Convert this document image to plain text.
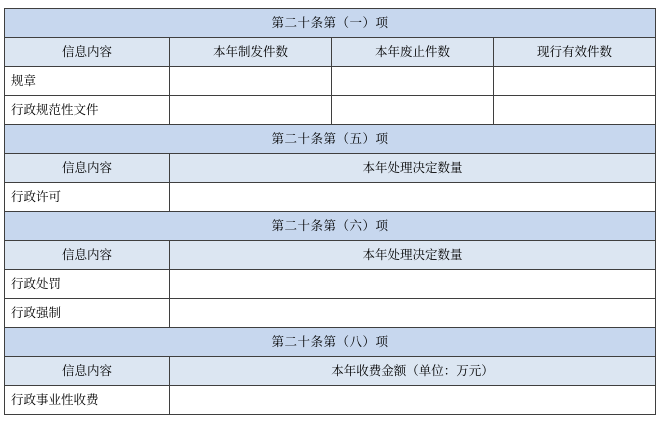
第二十条第（一）项			
信息内容	本年制发件数	本年废止件数	现行有效件数
规章			
行政规范性文件			
第二十条第（五）项			
信息内容	本年处理决定数量		
行政许可			
第二十条第（六）项			
信息内容	本年处理决定数量		
行政处罚			
行政强制			
第二十条第（八）项			
信息内容	本年收费金额（单位：万元）		
行政事业性收费			
